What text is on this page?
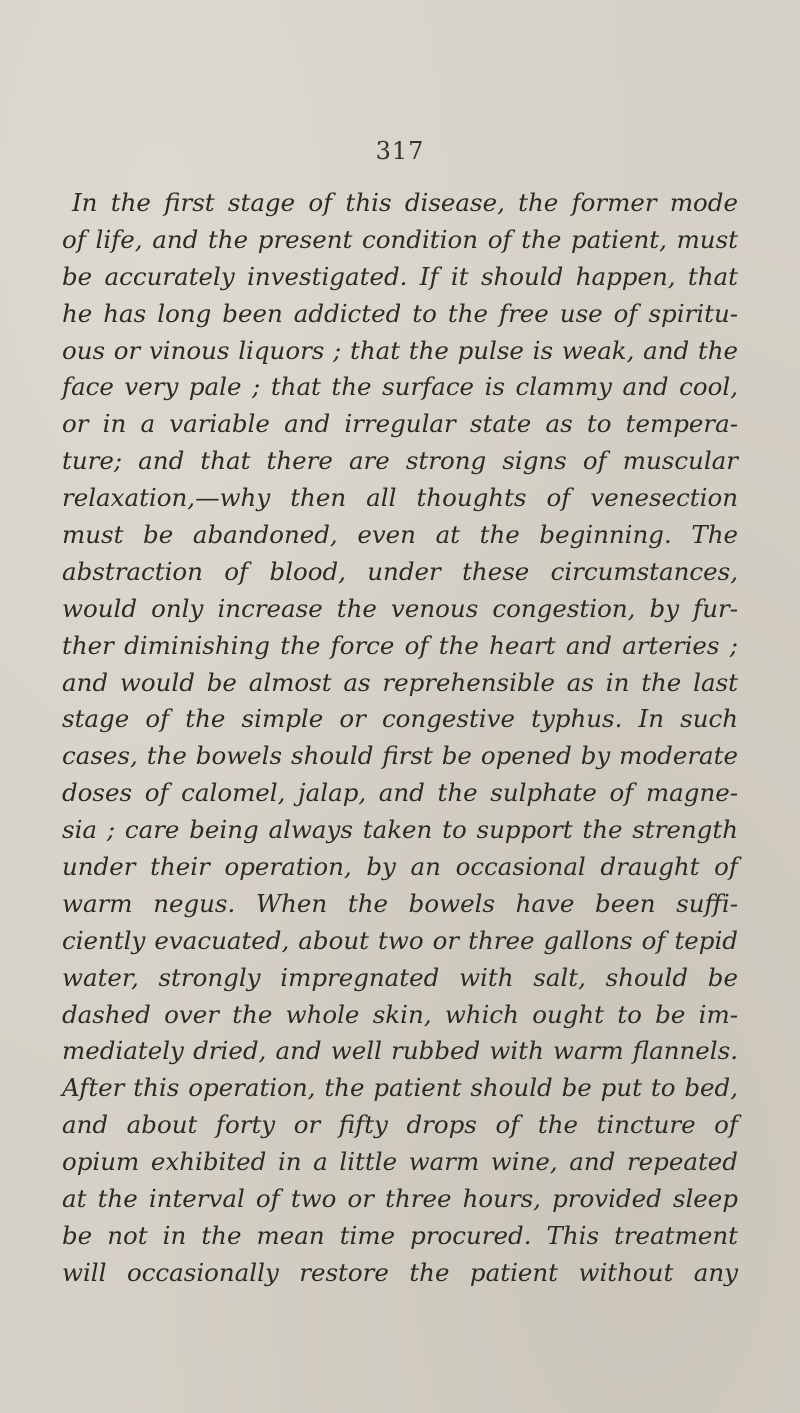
317
In the first stage of this disease, the former mode
of life, and the present condition of the patient, must
be accurately investigated. If it should happen, that
he has long been addicted to the free use of spiritu-
ous or vinous liquors ; that the pulse is weak, and the
face very pale ; that the surface is clammy and cool,
or in a variable and irregular state as to tempera-
ture; and that there are strong signs of muscular
relaxation,—why then all thoughts of venesection
must be abandoned, even at the beginning. The
abstraction of blood, under these circumstances,
would only increase the venous congestion, by fur-
ther diminishing the force of the heart and arteries ;
and would be almost as reprehensible as in the last
stage of the simple or congestive typhus. In such
cases, the bowels should first be opened by moderate
doses of calomel, jalap, and the sulphate of magne-
sia ; care being always taken to support the strength
under their operation, by an occasional draught of
warm negus. When the bowels have been suffi-
ciently evacuated, about two or three gallons of tepid
water, strongly impregnated with salt, should be
dashed over the whole skin, which ought to be im-
mediately dried, and well rubbed with warm flannels.
After this operation, the patient should be put to bed,
and about forty or fifty drops of the tincture of
opium exhibited in a little warm wine, and repeated
at the interval of two or three hours, provided sleep
be not in the mean time procured. This treatment
will occasionally restore the patient without any
